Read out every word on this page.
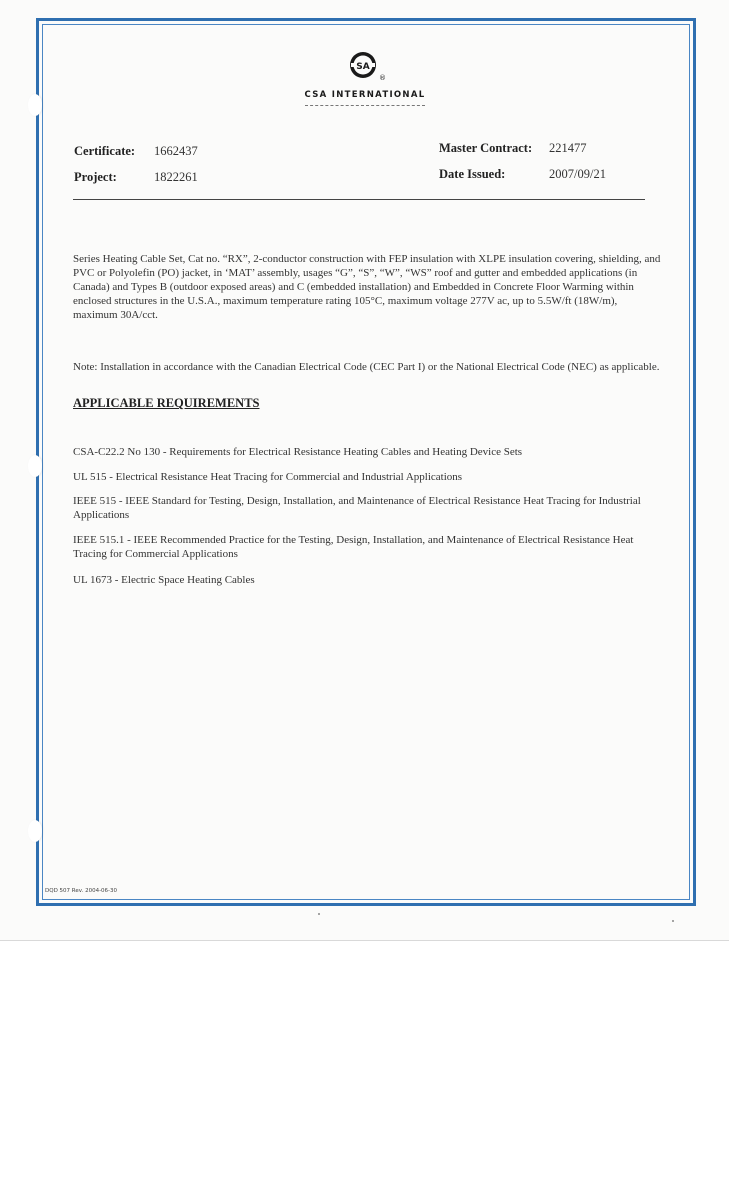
SA
®
CSA INTERNATIONAL
Certificate: 1662437
Project:	1822261
Master Contract: 221477
Date Issued:	2007/09/21
Series Heating Cable Set, Cat no. “RX”, 2-conductor construction with FEP insulation with XLPE insulation covering, shielding, and PVC or Polyolefin (PO) jacket, in ‘MAT’ assembly, usages “G”, “S”, “W”, “WS” roof and gutter and embedded applications (in Canada) and Types B (outdoor exposed areas) and C (embedded installation) and Embedded in Concrete Floor Warming within enclosed structures in the U.S.A., maximum temperature rating 105°C, maximum voltage 277V ac, up to 5.5W/ft (18W/m), maximum 30A/cct.
Note: Installation in accordance with the Canadian Electrical Code (CEC Part I) or the National Electrical Code (NEC) as applicable.
APPLICABLE REQUIREMENTS
CSA-C22.2 No 130 - Requirements for Electrical Resistance Heating Cables and Heating Device Sets
UL 515 - Electrical Resistance Heat Tracing for Commercial and Industrial Applications
IEEE 515 - IEEE Standard for Testing, Design, Installation, and Maintenance of Electrical Resistance Heat Tracing for Industrial Applications
IEEE 515.1 - IEEE Recommended Practice for the Testing, Design, Installation, and Maintenance of Electrical Resistance Heat Tracing for Commercial Applications
UL 1673 - Electric Space Heating Cables
DQD 507 Rev. 2004-06-30
